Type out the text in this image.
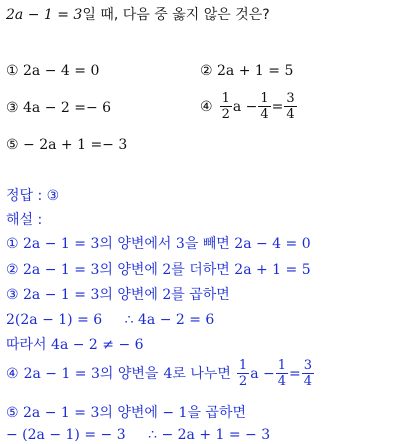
2a − 1 = 3일 때, 다음 중 옳지 않은 것은?
① 2a − 4 = 0	② 2a + 1 = 5
③ 4a − 2 =− 6	④ $\frac{1}{2}$ $a - \frac{1}{4} = \frac{3}{4}$
⑤ − 2a + 1 =− 3
정답 : ③
해설 :
① 2a − 1 = 3의 양변에서 3을 빼면 2a − 4 = 0
② 2a − 1 = 3의 양변에 2를 더하면 2a + 1 = 5
③ 2a − 1 = 3의 양변에 2를 곱하면
2(2a − 1) = 6 ∴ 4a − 2 = 6
따라서 4a − 2 ≠ − 6
④ 2a − 1 = 3 의 양변을 4 로 나누면 $\frac{1}{2}$ $a - \frac{1}{4} = \frac{3}{4}$
⑤ 2a − 1 = 3의 양변에 − 1을 곱하면
− (2a − 1) = − 3 ∴ − 2a + 1 = − 3
